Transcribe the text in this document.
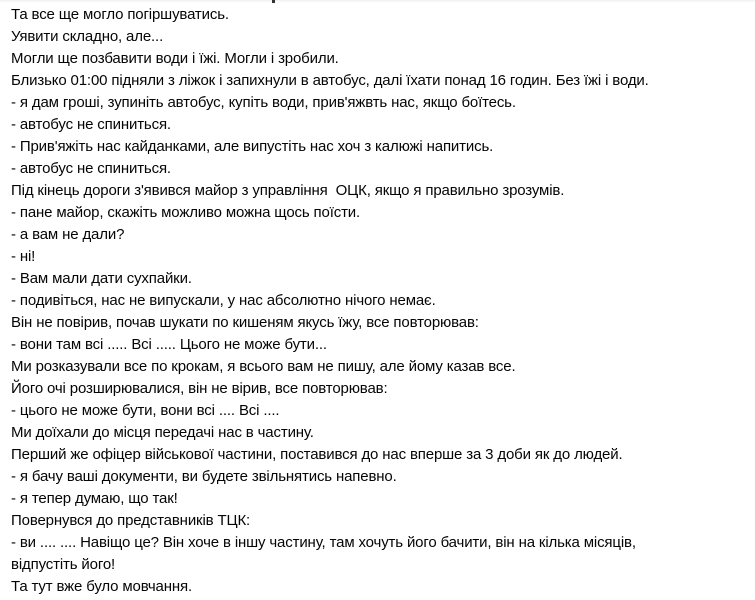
Та все ще могло погіршуватись.
Уявити складно, але...
Могли ще позбавити води і їжі. Могли і зробили.
Близько 01:00 підняли з ліжок і запихнули в автобус, далі їхати понад 16 годин. Без їжі і води.
- я дам гроші, зупиніть автобус, купіть води, прив'яжвть нас, якщо боїтесь.
- автобус не спиниться.
- Прив'яжіть нас кайданками, але випустіть нас хоч з калюжі напитись.
- автобус не спиниться.
Під кінець дороги з'явився майор з управління  ОЦК, якщо я правильно зрозумів.
- пане майор, скажіть можливо можна щось поїсти.
- а вам не дали?
- ні!
- Вам мали дати сухпайки.
- подивіться, нас не випускали, у нас абсолютно нічого немає.
Він не повірив, почав шукати по кишеням якусь їжу, все повторював:
- вони там всі ..... Всі ..... Цього не може бути...
Ми розказували все по крокам, я всього вам не пишу, але йому казав все.
Його очі розширювалися, він не вірив, все повторював:
- цього не може бути, вони всі .... Всі ....
Ми доїхали до місця передачі нас в частину.
Перший же офіцер військової частини, поставився до нас вперше за 3 доби як до людей.
- я бачу ваші документи, ви будете звільнятись напевно.
- я тепер думаю, що так!
Повернувся до представників ТЦК:
- ви .... .... Навіщо це? Він хоче в іншу частину, там хочуть його бачити, він на кілька місяців,
відпустіть його!
Та тут вже було мовчання.
